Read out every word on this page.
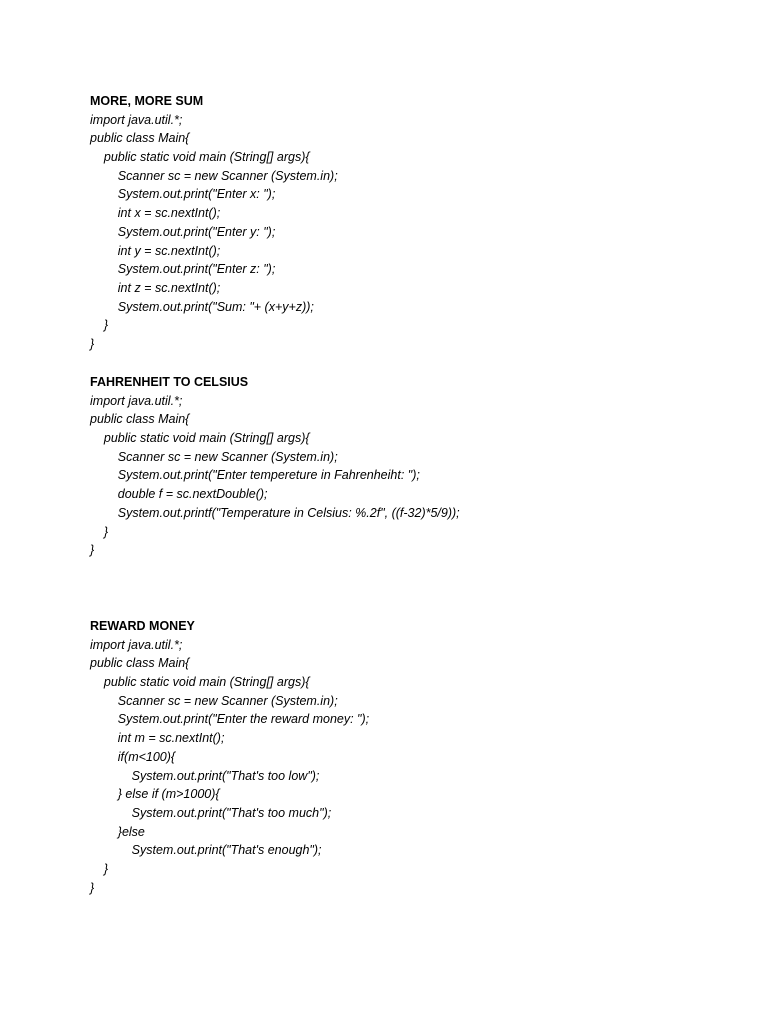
MORE, MORE SUM
import java.util.*;
public class Main{
public static void main (String[] args){
Scanner sc = new Scanner (System.in);
System.out.print("Enter x: ");
int x = sc.nextInt();
System.out.print("Enter y: ");
int y = sc.nextInt();
System.out.print("Enter z: ");
int z = sc.nextInt();
System.out.print("Sum: "+ (x+y+z));
}
}
FAHRENHEIT TO CELSIUS
import java.util.*;
public class Main{
public static void main (String[] args){
Scanner sc = new Scanner (System.in);
System.out.print("Enter tempereture in Fahrenheiht: ");
double f = sc.nextDouble();
System.out.printf("Temperature in Celsius: %.2f", ((f-32)*5/9));
}
}
REWARD MONEY
import java.util.*;
public class Main{
public static void main (String[] args){
Scanner sc = new Scanner (System.in);
System.out.print("Enter the reward money: ");
int m = sc.nextInt();
if(m<100){
System.out.print("That's too low");
} else if (m>1000){
System.out.print("That's too much");
}else
System.out.print("That's enough");
}
}
